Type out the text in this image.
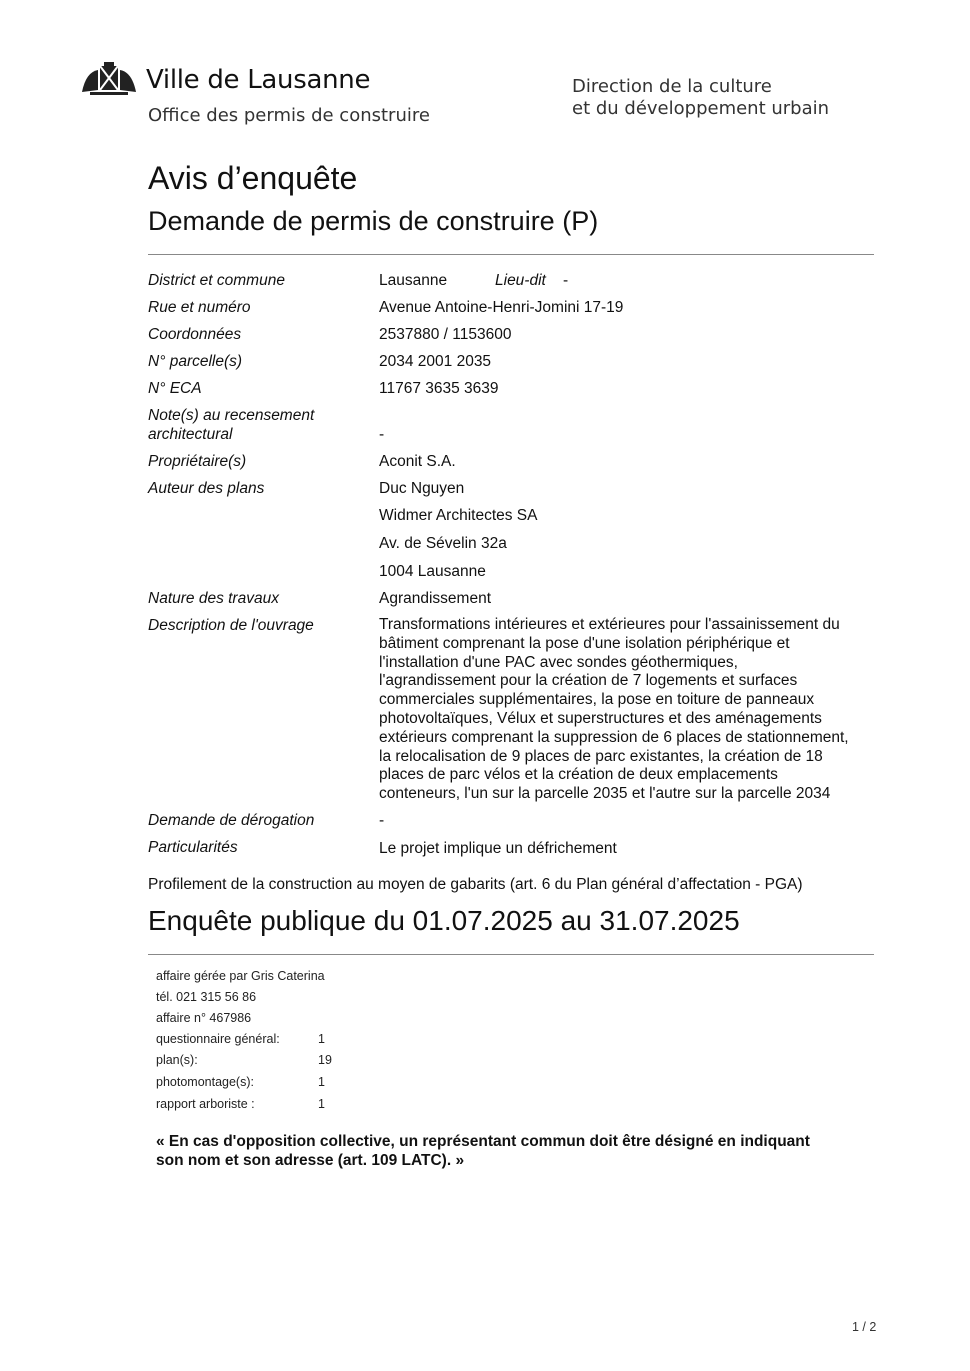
Ville de Lausanne
Office des permis de construire
Direction de la culture
et du développement urbain
Avis d’enquête
Demande de permis de construire (P)
District et commune	Lausanne	Lieu-dit -
Rue et numéro	Avenue Antoine-Henri-Jomini 17-19
Coordonnées	2537880 / 1153600
N° parcelle(s)	2034 2001 2035
N° ECA	11767 3635 3639
Note(s) au recensement
architectural	-
Propriétaire(s)	Aconit S.A.
Auteur des plans	Duc Nguyen
Widmer Architectes SA
Av. de Sévelin 32a
1004 Lausanne
Nature des travaux	Agrandissement
Description de l'ouvrage	Transformations intérieures et extérieures pour l'assainissement du
bâtiment comprenant la pose d'une isolation périphérique et
l'installation d'une PAC avec sondes géothermiques,
l'agrandissement pour la création de 7 logements et surfaces
commerciales supplémentaires, la pose en toiture de panneaux
photovoltaïques, Vélux et superstructures et des aménagements
extérieurs comprenant la suppression de 6 places de stationnement,
la relocalisation de 9 places de parc existantes, la création de 18
places de parc vélos et la création de deux emplacements
conteneurs, l'un sur la parcelle 2035 et l'autre sur la parcelle 2034
Demande de dérogation	-
Particularités	Le projet implique un défrichement
Profilement de la construction au moyen de gabarits (art. 6 du Plan général d’affectation - PGA)
Enquête publique du 01.07.2025 au 31.07.2025
affaire gérée par Gris Caterina
tél. 021 315 56 86
affaire n° 467986
questionnaire général:	1
plan(s):	19
photomontage(s):	1
rapport arboriste :	1
« En cas d'opposition collective, un représentant commun doit être désigné en indiquant
son nom et son adresse (art. 109 LATC). »
1 / 2
